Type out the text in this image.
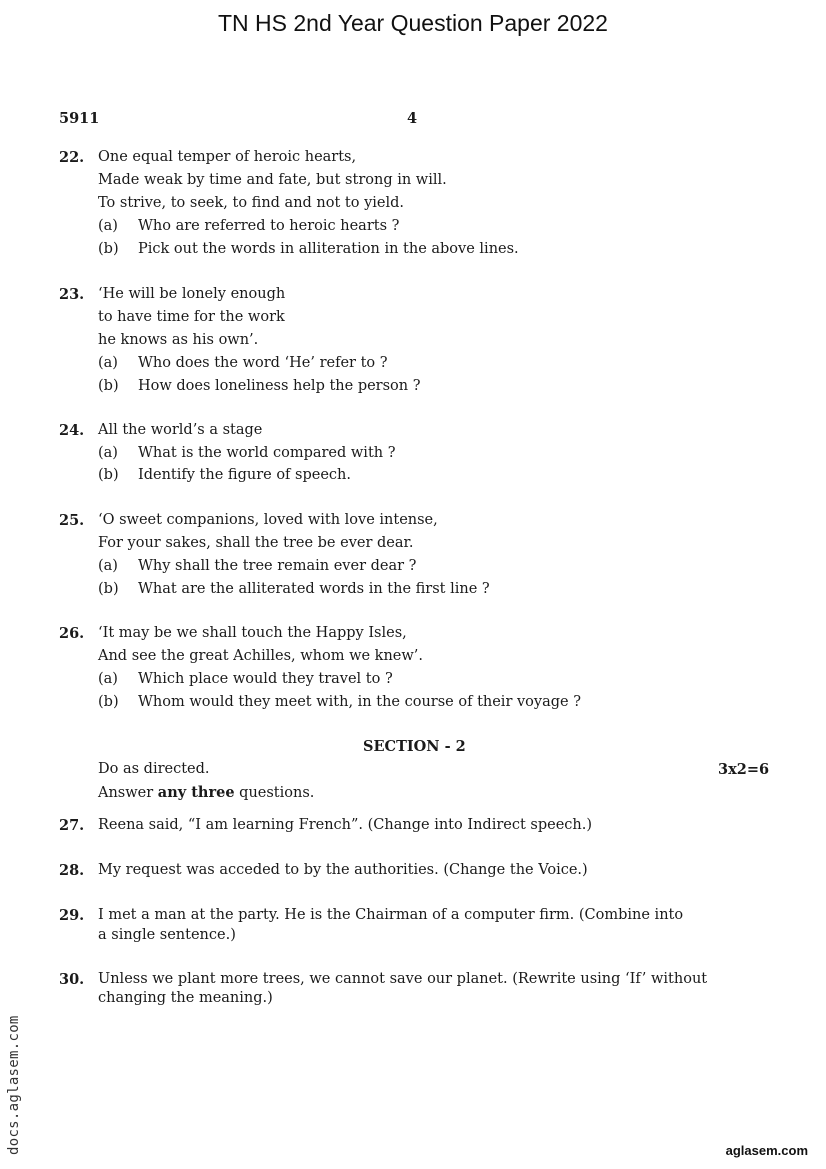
TN HS 2nd Year Question Paper 2022
5911	4
22. One equal temper of heroic hearts,
Made weak by time and fate, but strong in will.
To strive, to seek, to find and not to yield.
(a) Who are referred to heroic hearts ?
(b) Pick out the words in alliteration in the above lines.
23. ‘He will be lonely enough
to have time for the work
he knows as his own’.
(a) Who does the word ‘He’ refer to ?
(b) How does loneliness help the person ?
24. All the world’s a stage
(a) What is the world compared with ?
(b) Identify the figure of speech.
25. ‘O sweet companions, loved with love intense,
For your sakes, shall the tree be ever dear.
(a) Why shall the tree remain ever dear ?
(b) What are the alliterated words in the first line ?
26. ‘It may be we shall touch the Happy Isles,
And see the great Achilles, whom we knew’.
(a) Which place would they travel to ?
(b) Whom would they meet with, in the course of their voyage ?
SECTION - 2
Do as directed.
Answer any three questions.
3x2=6
27. Reena said, “I am learning French”. (Change into Indirect speech.)
28. My request was acceded to by the authorities. (Change the Voice.)
29. I met a man at the party. He is the Chairman of a computer firm. (Combine into
a single sentence.)
30. Unless we plant more trees, we cannot save our planet. (Rewrite using ‘If’ without
changing the meaning.)
docs.aglasem.com	aglasem.com
